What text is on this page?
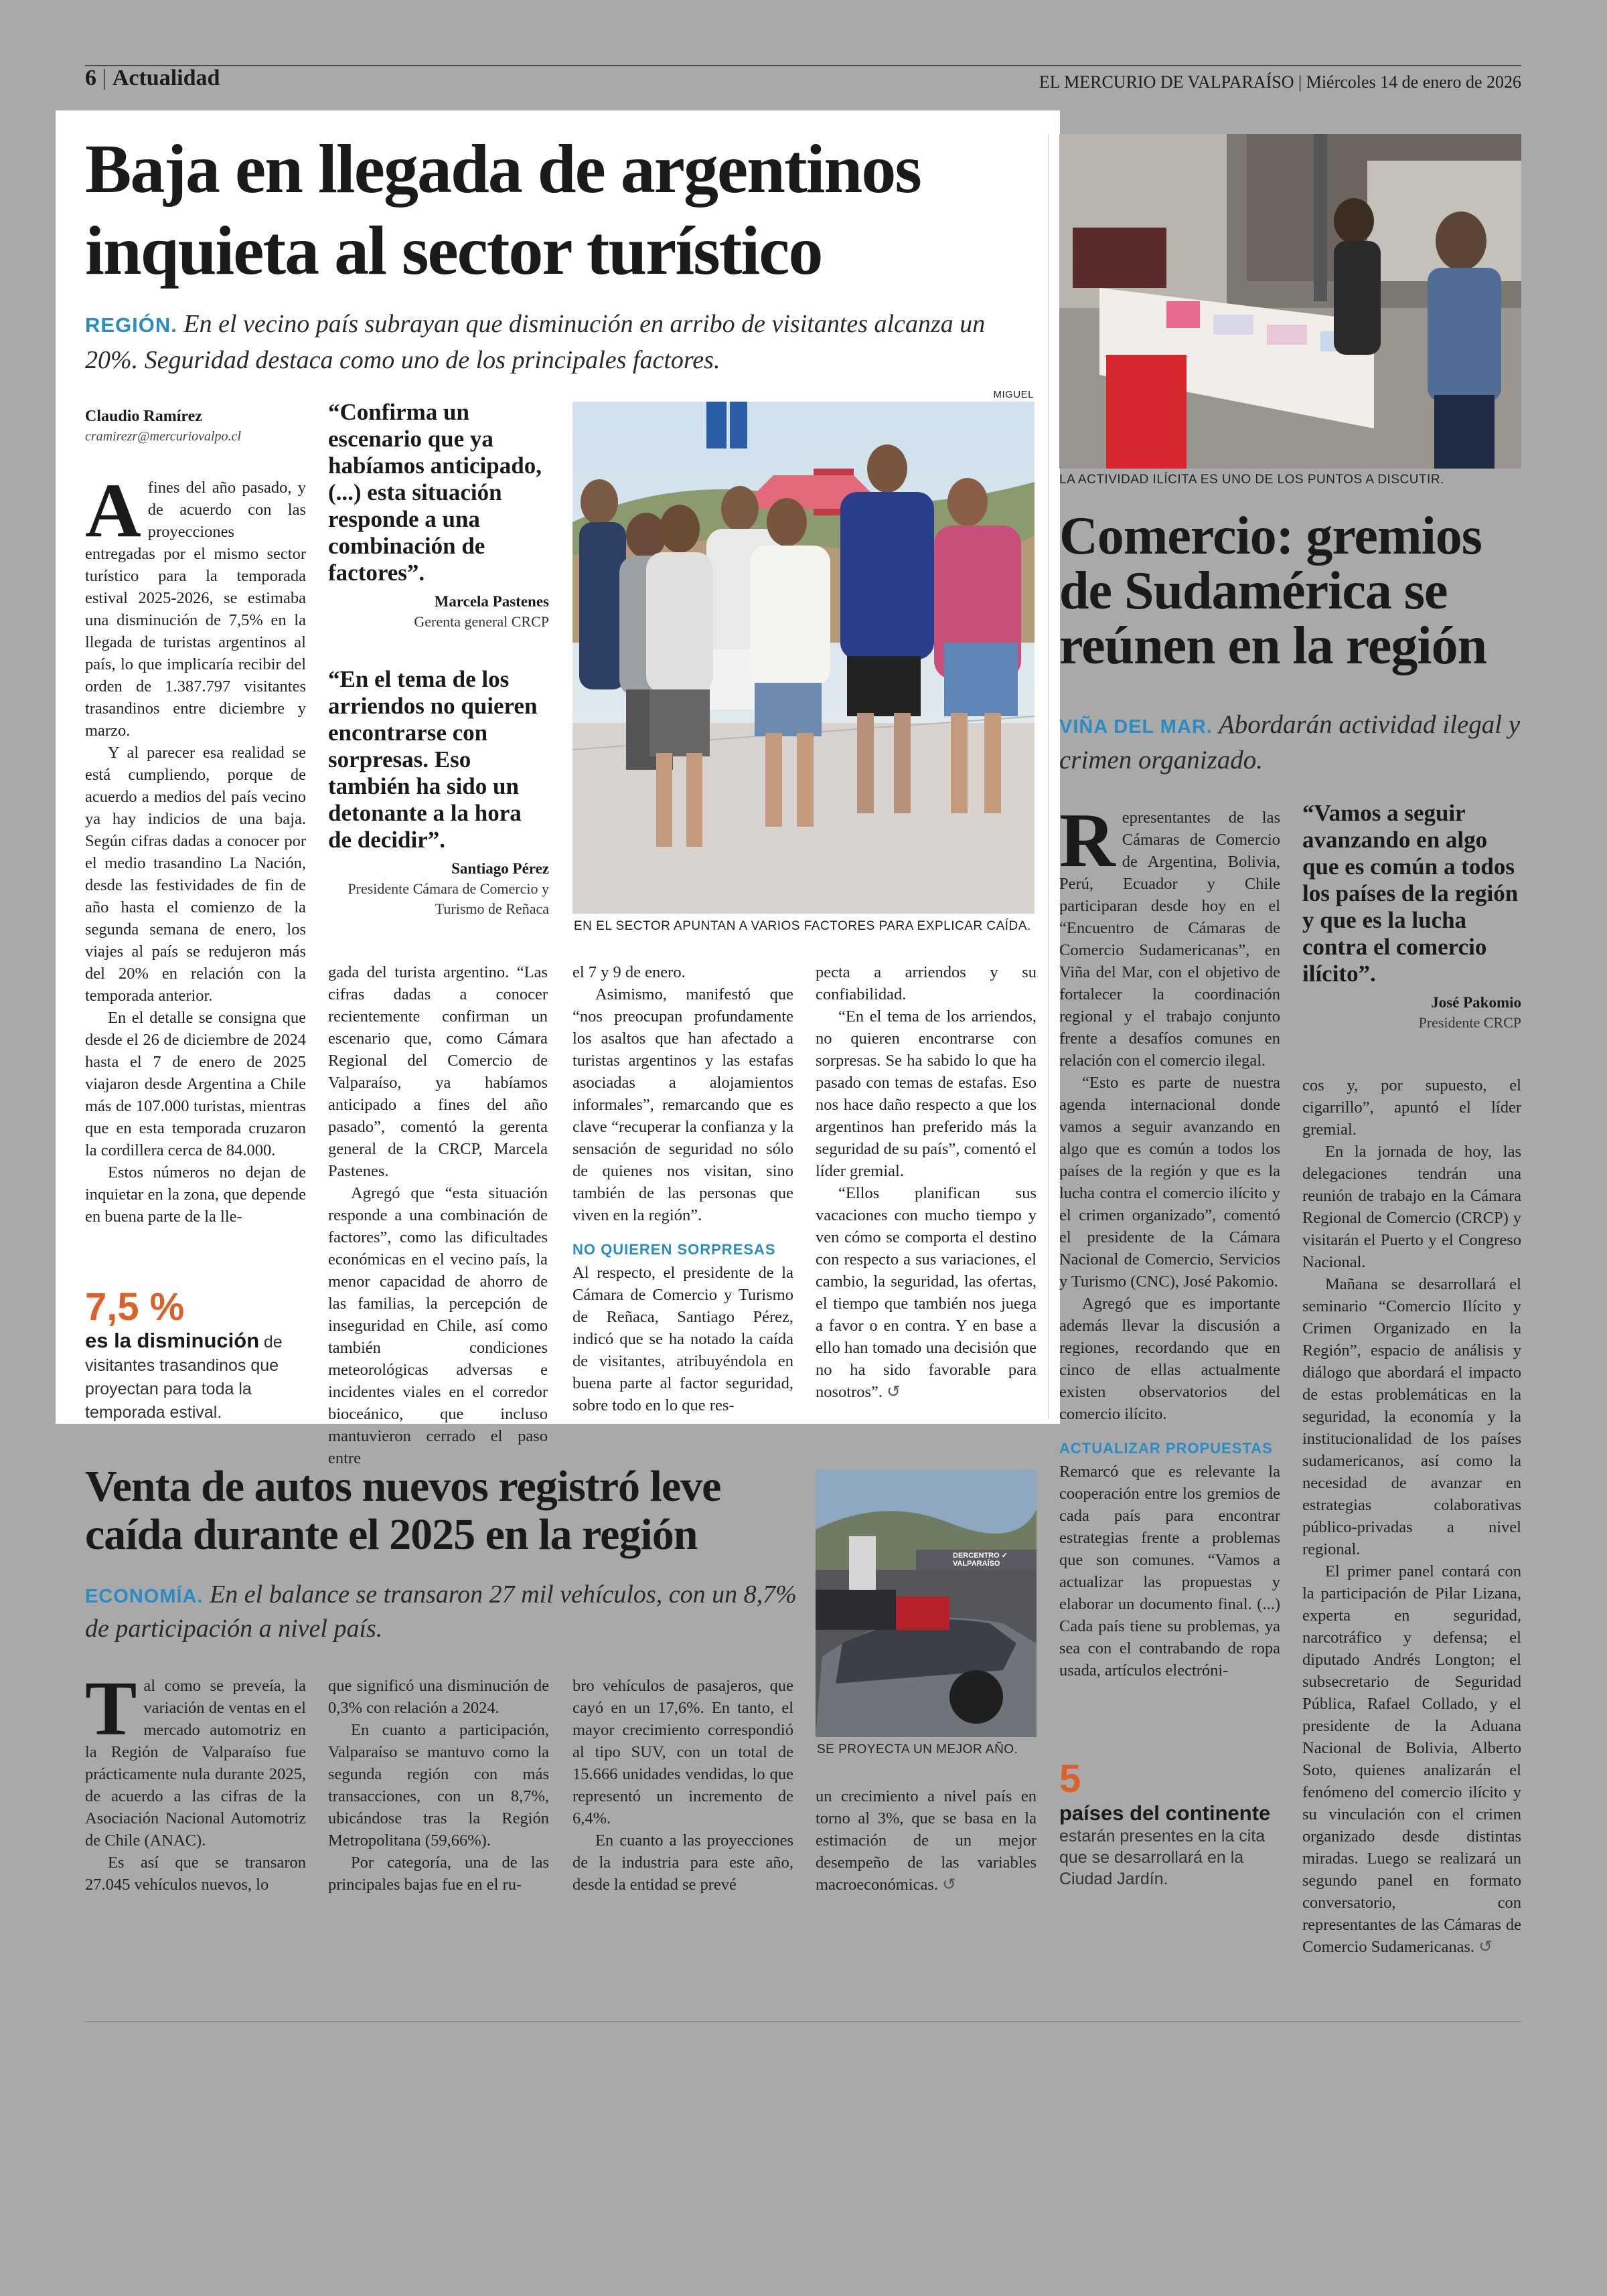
6 | Actualidad	EL MERCURIO DE VALPARAÍSO | Miércoles 14 de enero de 2026
Baja en llegada de argentinos
inquieta al sector turístico
REGIÓN. En el vecino país subrayan que disminución en arribo de visitantes alcanza un 20%. Seguridad destaca como uno de los principales factores.
Claudio Ramírez
cramirezr@mercuriovalpo.cl

Afines del año pasado, y de acuerdo con las proyecciones entregadas por el mismo sector turístico para la temporada estival 2025-2026, se estimaba una disminución de 7,5% en la llegada de turistas argentinos al país, lo que implicaría recibir del orden de 1.387.797 visitantes trasandinos entre diciembre y marzo.

Y al parecer esa realidad se está cumpliendo, porque de acuerdo a medios del país vecino ya hay indicios de una baja. Según cifras dadas a conocer por el medio trasandino La Nación, desde las festividades de fin de año hasta el comienzo de la segunda semana de enero, los viajes al país se redujeron más del 20% en relación con la temporada anterior.

En el detalle se consigna que desde el 26 de diciembre de 2024 hasta el 7 de enero de 2025 viajaron desde Argentina a Chile más de 107.000 turistas, mientras que en esta temporada cruzaron la cordillera cerca de 84.000.

Estos números no dejan de inquietar en la zona, que depende en buena parte de la lle-

7,5 %
es la disminución de visitantes trasandinos que proyectan para toda la temporada estival.
“Confirma un escenario que ya habíamos anticipado, (...) esta situación responde a una combinación de factores”.
Marcela Pastenes
Gerenta general CRCP
“En el tema de los arriendos no quieren encontrarse con sorpresas. Eso también ha sido un detonante a la hora de decidir”.
Santiago Pérez
Presidente Cámara de Comercio y Turismo de Reñaca
MIGUEL
EN EL SECTOR APUNTAN A VARIOS FACTORES PARA EXPLICAR CAÍDA.

gada del turista argentino. “Las cifras dadas a conocer recientemente confirman un escenario que, como Cámara Regional del Comercio de Valparaíso, ya habíamos anticipado a fines del año pasado”, comentó la gerenta general de la CRCP, Marcela Pastenes.

Agregó que “esta situación responde a una combinación de factores”, como las dificultades económicas en el vecino país, la menor capacidad de ahorro de las familias, la percepción de inseguridad en Chile, así como también condiciones meteorológicas adversas e incidentes viales en el corredor bioceánico, que incluso mantuvieron cerrado el paso entre

el 7 y 9 de enero.

Asimismo, manifestó que “nos preocupan profundamente los asaltos que han afectado a turistas argentinos y las estafas asociadas a alojamientos informales”, remarcando que es clave “recuperar la confianza y la sensación de seguridad no sólo de quienes nos visitan, sino también de las personas que viven en la región”.

NO QUIEREN SORPRESAS

Al respecto, el presidente de la Cámara de Comercio y Turismo de Reñaca, Santiago Pérez, indicó que se ha notado la caída de visitantes, atribuyéndola en buena parte al factor seguridad, sobre todo en lo que res-

pecta a arriendos y su confiabilidad.

“En el tema de los arriendos, no quieren encontrarse con sorpresas. Se ha sabido lo que ha pasado con temas de estafas. Eso nos hace daño respecto a que los argentinos han preferido más la seguridad de su país”, comentó el líder gremial.

“Ellos planifican sus vacaciones con mucho tiempo y ven cómo se comporta el destino con respecto a sus variaciones, el cambio, la seguridad, las ofertas, el tiempo que también nos juega a favor o en contra. Y en base a ello han tomado una decisión que no ha sido favorable para nosotros”. ↺

LA ACTIVIDAD ILÍCITA ES UNO DE LOS PUNTOS A DISCUTIR.
Comercio: gremios
de Sudamérica se
reúnen en la región
VIÑA DEL MAR. Abordarán actividad ilegal y crimen organizado.

Representantes de las Cámaras de Comercio de Argentina, Bolivia, Perú, Ecuador y Chile participaran desde hoy en el “Encuentro de Cámaras de Comercio Sudamericanas”, en Viña del Mar, con el objetivo de fortalecer la coordinación regional y el trabajo conjunto frente a desafíos comunes en relación con el comercio ilegal.

“Esto es parte de nuestra agenda internacional donde vamos a seguir avanzando en algo que es común a todos los países de la región y que es la lucha contra el comercio ilícito y el crimen organizado”, comentó el presidente de la Cámara Nacional de Comercio, Servicios y Turismo (CNC), José Pakomio.

Agregó que es importante además llevar la discusión a regiones, recordando que en cinco de ellas actualmente existen observatorios del comercio ilícito.

ACTUALIZAR PROPUESTAS

Remarcó que es relevante la cooperación entre los gremios de cada país para encontrar estrategias frente a problemas que son comunes. “Vamos a actualizar las propuestas y elaborar un documento final. (...) Cada país tiene su problemas, ya sea con el contrabando de ropa usada, artículos electróni-

5
países del continente
estarán presentes en la cita que se desarrollará en la Ciudad Jardín.
“Vamos a seguir avanzando en algo que es común a todos los países de la región y que es la lucha contra el comercio ilícito”.
José Pakomio
Presidente CRCP

cos y, por supuesto, el cigarrillo”, apuntó el líder gremial.

En la jornada de hoy, las delegaciones tendrán una reunión de trabajo en la Cámara Regional de Comercio (CRCP) y visitarán el Puerto y el Congreso Nacional.

Mañana se desarrollará el seminario “Comercio Ilícito y Crimen Organizado en la Región”, espacio de análisis y diálogo que abordará el impacto de estas problemáticas en la seguridad, la economía y la institucionalidad de los países sudamericanos, así como la necesidad de avanzar en estrategias colaborativas público-privadas a nivel regional.

El primer panel contará con la participación de Pilar Lizana, experta en seguridad, narcotráfico y defensa; el diputado Andrés Longton; el subsecretario de Seguridad Pública, Rafael Collado, y el presidente de la Aduana Nacional de Bolivia, Alberto Soto, quienes analizarán el fenómeno del comercio ilícito y su vinculación con el crimen organizado desde distintas miradas. Luego se realizará un segundo panel en formato conversatorio, con representantes de las Cámaras de Comercio Sudamericanas. ↺

Venta de autos nuevos registró leve
caída durante el 2025 en la región
ECONOMÍA. En el balance se transaron 27 mil vehículos, con un 8,7% de participación a nivel país.

Tal como se preveía, la variación de ventas en el mercado automotriz en la Región de Valparaíso fue prácticamente nula durante 2025, de acuerdo a las cifras de la Asociación Nacional Automotriz de Chile (ANAC).

Es así que se transaron 27.045 vehículos nuevos, lo

que significó una disminución de 0,3% con relación a 2024.

En cuanto a participación, Valparaíso se mantuvo como la segunda región con más transacciones, con un 8,7%, ubicándose tras la Región Metropolitana (59,66%).

Por categoría, una de las principales bajas fue en el ru-

bro vehículos de pasajeros, que cayó en un 17,6%. En tanto, el mayor crecimiento correspondió al tipo SUV, con un total de 15.666 unidades vendidas, lo que representó un incremento de 6,4%.

En cuanto a las proyecciones de la industria para este año, desde la entidad se prevé

DERCENTRO ✓ VALPARAÍSO
SE PROYECTA UN MEJOR AÑO.

un crecimiento a nivel país en torno al 3%, que se basa en la estimación de un mejor desempeño de las variables macroeconómicas. ↺
